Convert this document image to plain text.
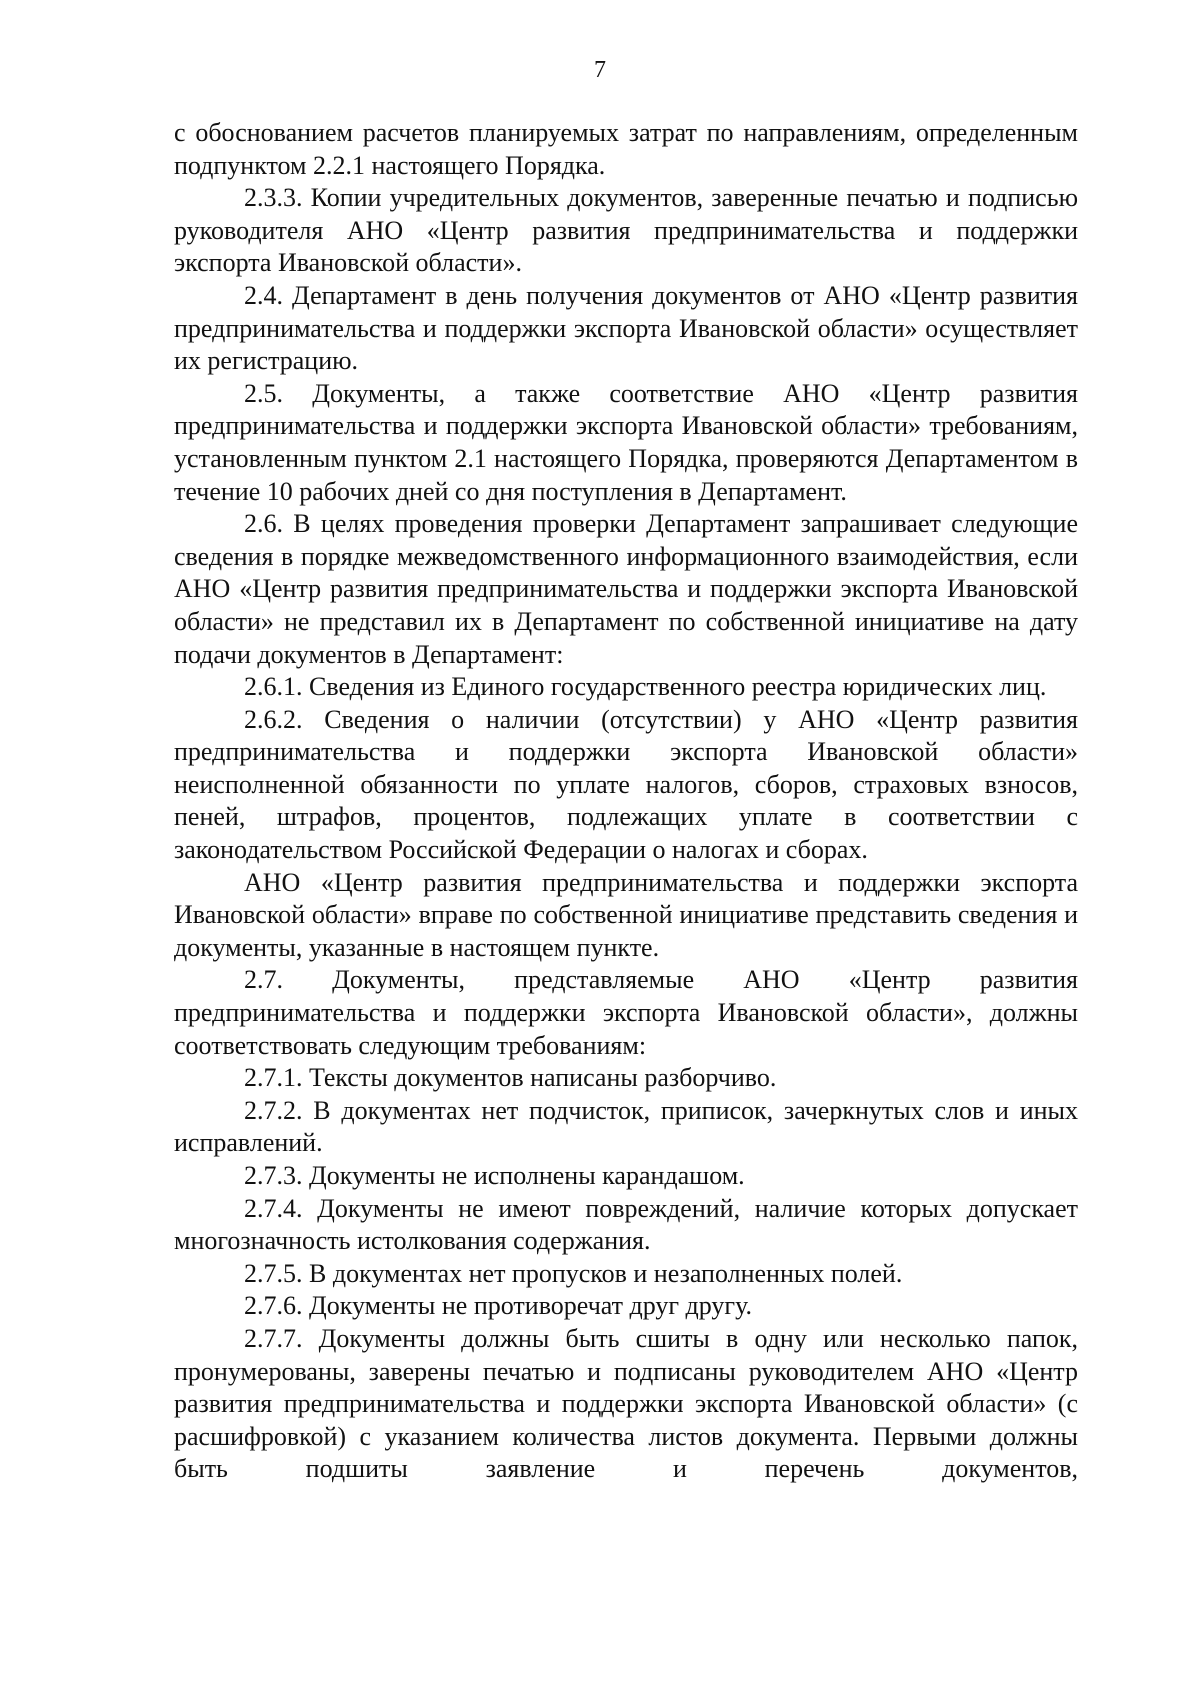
7

с обоснованием расчетов планируемых затрат по направлениям, определенным подпунктом 2.2.1 настоящего Порядка.

2.3.3. Копии учредительных документов, заверенные печатью и подписью руководителя АНО «Центр развития предпринимательства и поддержки экспорта Ивановской области».

2.4. Департамент в день получения документов от АНО «Центр развития предпринимательства и поддержки экспорта Ивановской области» осуществляет их регистрацию.

2.5. Документы, а также соответствие АНО «Центр развития предпринимательства и поддержки экспорта Ивановской области» требованиям, установленным пунктом 2.1 настоящего Порядка, проверяются Департаментом в течение 10 рабочих дней со дня поступления в Департамент.

2.6. В целях проведения проверки Департамент запрашивает следующие сведения в порядке межведомственного информационного взаимодействия, если АНО «Центр развития предпринимательства и поддержки экспорта Ивановской области» не представил их в Департамент по собственной инициативе на дату подачи документов в Департамент:

2.6.1. Сведения из Единого государственного реестра юридических лиц.

2.6.2. Сведения о наличии (отсутствии) у АНО «Центр развития предпринимательства и поддержки экспорта Ивановской области» неисполненной обязанности по уплате налогов, сборов, страховых взносов, пеней, штрафов, процентов, подлежащих уплате в соответствии с законодательством Российской Федерации о налогах и сборах.

АНО «Центр развития предпринимательства и поддержки экспорта Ивановской области» вправе по собственной инициативе представить сведения и документы, указанные в настоящем пункте.

2.7. Документы, представляемые АНО «Центр развития предпринимательства и поддержки экспорта Ивановской области», должны соответствовать следующим требованиям:

2.7.1. Тексты документов написаны разборчиво.

2.7.2. В документах нет подчисток, приписок, зачеркнутых слов и иных исправлений.

2.7.3. Документы не исполнены карандашом.

2.7.4. Документы не имеют повреждений, наличие которых допускает многозначность истолкования содержания.

2.7.5. В документах нет пропусков и незаполненных полей.

2.7.6. Документы не противоречат друг другу.

2.7.7. Документы должны быть сшиты в одну или несколько папок, пронумерованы, заверены печатью и подписаны руководителем АНО «Центр развития предпринимательства и поддержки экспорта Ивановской области» (с расшифровкой) с указанием количества листов документа. Первыми должны быть подшиты заявление и перечень документов,
